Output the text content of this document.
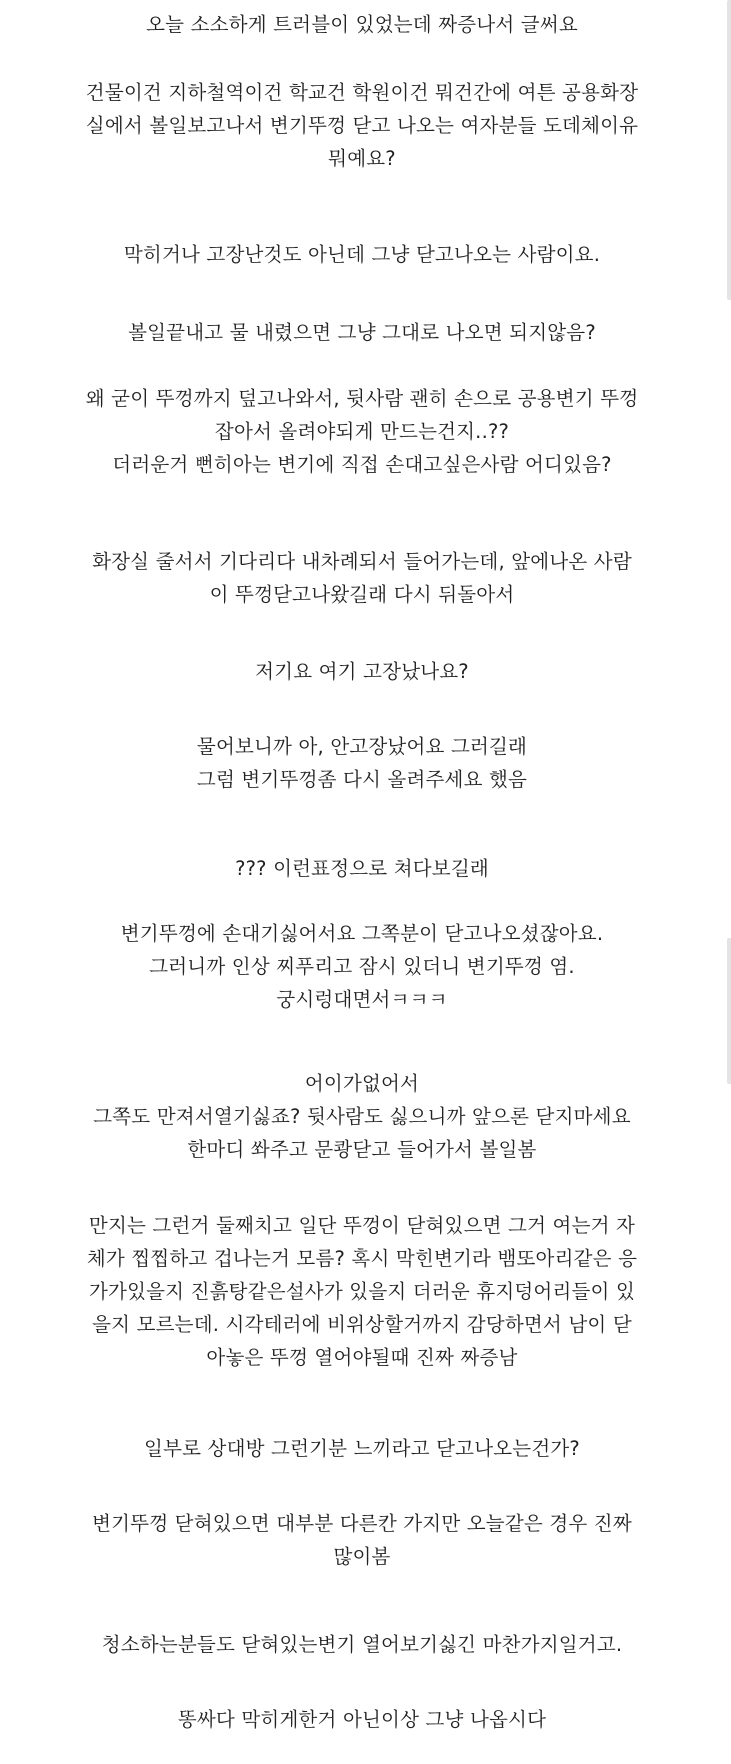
오늘 소소하게 트러블이 있었는데 짜증나서 글써요
건물이건 지하철역이건 학교건 학원이건 뭐건간에 여튼 공용화장
실에서 볼일보고나서 변기뚜껑 닫고 나오는 여자분들 도데체이유
뭐예요?
막히거나 고장난것도 아닌데 그냥 닫고나오는 사람이요.
볼일끝내고 물 내렸으면 그냥 그대로 나오면 되지않음?
왜 굳이 뚜껑까지 덮고나와서, 뒷사람 괜히 손으로 공용변기 뚜껑
잡아서 올려야되게 만드는건지..??
더러운거 뻔히아는 변기에 직접 손대고싶은사람 어디있음?
화장실 줄서서 기다리다 내차례되서 들어가는데, 앞에나온 사람
이 뚜껑닫고나왔길래 다시 뒤돌아서
저기요 여기 고장났나요?
물어보니까 아, 안고장났어요 그러길래
그럼 변기뚜껑좀 다시 올려주세요 했음
??? 이런표정으로 쳐다보길래
변기뚜껑에 손대기싫어서요 그쪽분이 닫고나오셨잖아요.
그러니까 인상 찌푸리고 잠시 있더니 변기뚜껑 염.
궁시렁대면서ㅋㅋㅋ
어이가없어서
그쪽도 만져서열기싫죠? 뒷사람도 싫으니까 앞으론 닫지마세요
한마디 쏴주고 문쾅닫고 들어가서 볼일봄
만지는 그런거 둘째치고 일단 뚜껑이 닫혀있으면 그거 여는거 자
체가 찝찝하고 겁나는거 모름? 혹시 막힌변기라 뱀또아리같은 응
가가있을지 진흙탕같은설사가 있을지 더러운 휴지덩어리들이 있
을지 모르는데. 시각테러에 비위상할거까지 감당하면서 남이 닫
아놓은 뚜껑 열어야될때 진짜 짜증남
일부로 상대방 그런기분 느끼라고 닫고나오는건가?
변기뚜껑 닫혀있으면 대부분 다른칸 가지만 오늘같은 경우 진짜
많이봄
청소하는분들도 닫혀있는변기 열어보기싫긴 마찬가지일거고.
똥싸다 막히게한거 아닌이상 그냥 나옵시다
